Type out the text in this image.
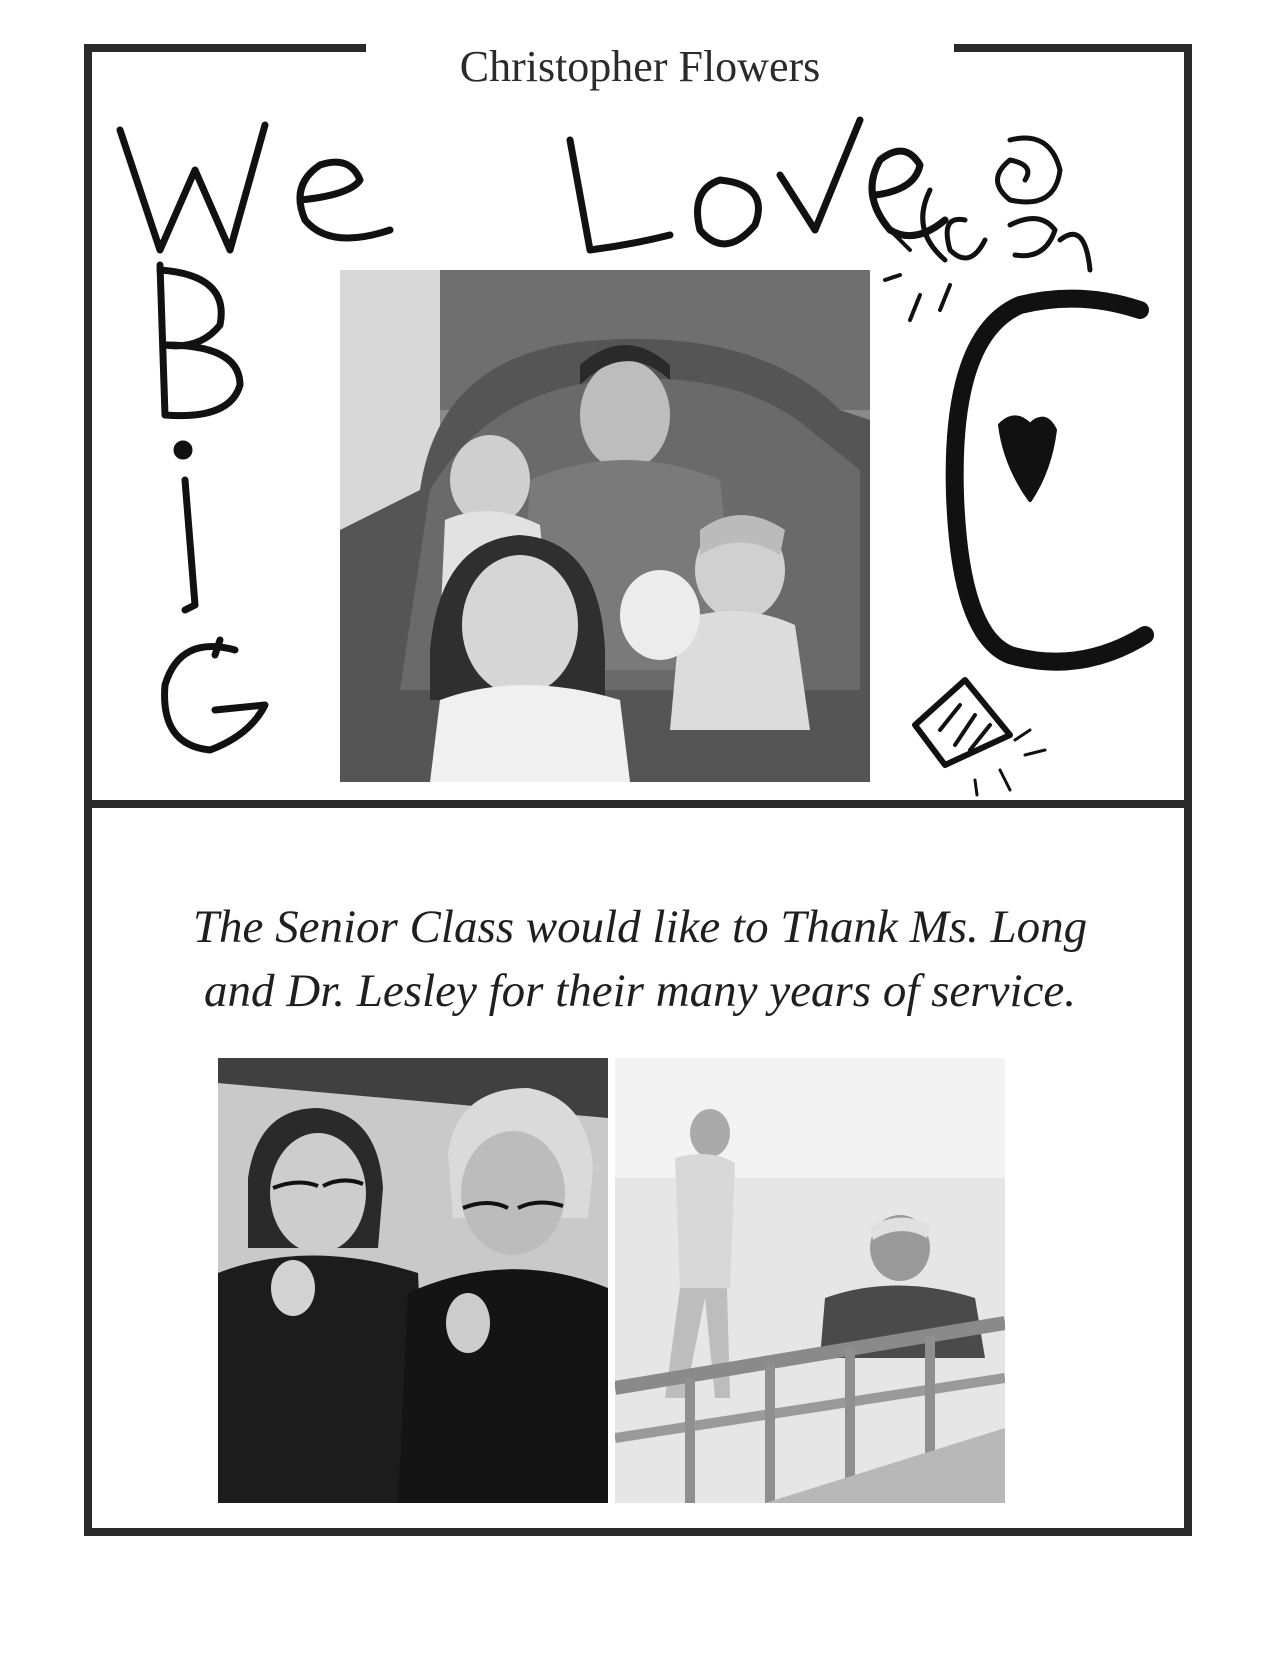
Christopher Flowers
The Senior Class would like to Thank Ms. Long
and Dr. Lesley for their many years of service.
